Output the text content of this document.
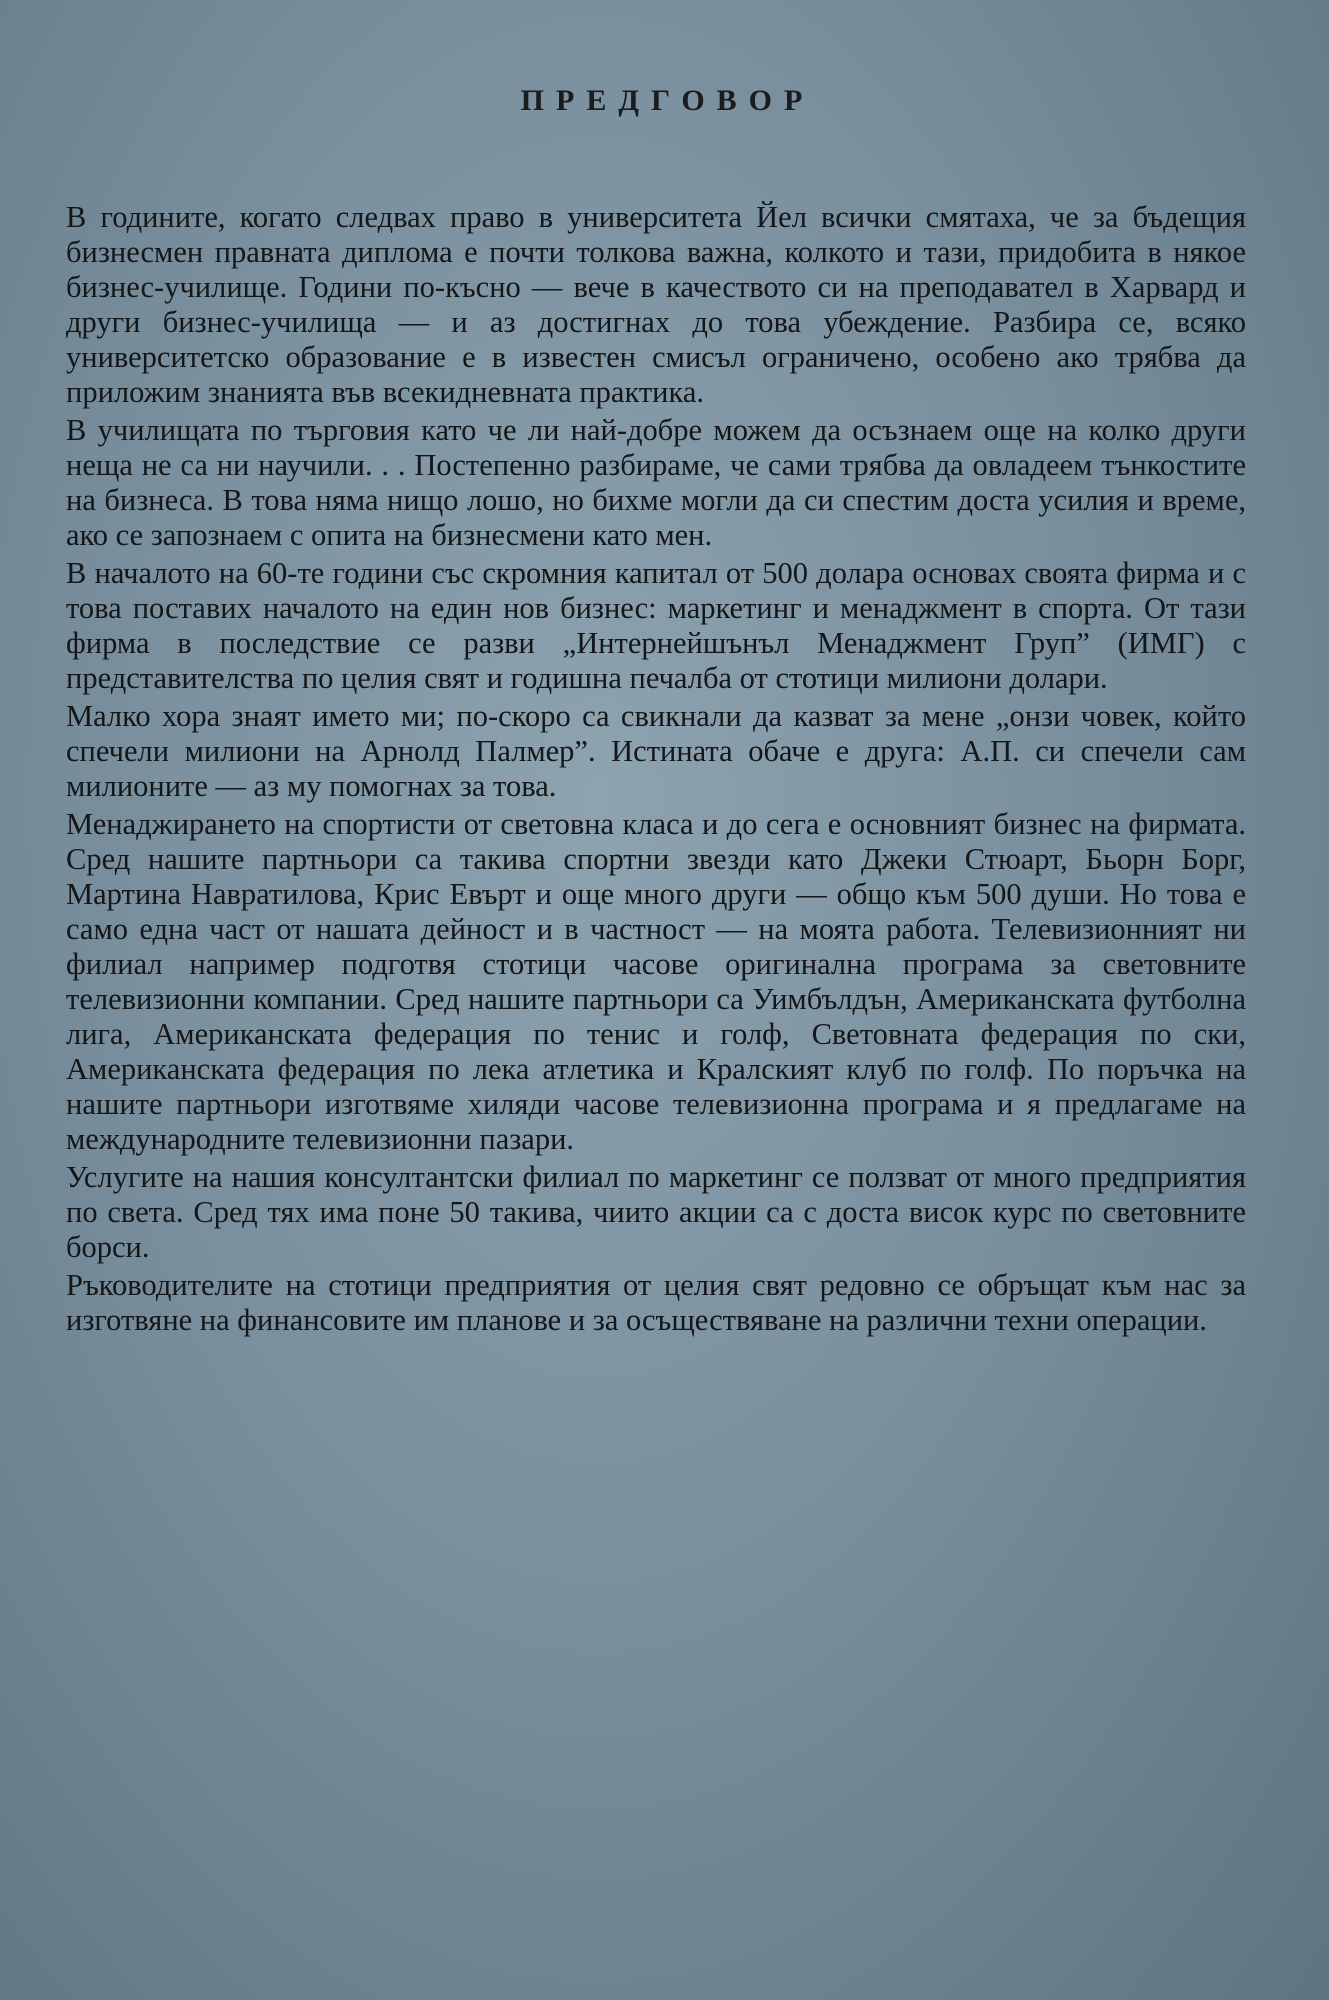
ПРЕДГОВОР

В годините, когато следвах право в университета Йел всички смятаха, че за бъдещия бизнесмен правната диплома е почти толкова важна, колкото и тази, придобита в някое бизнес-училище. Години по-късно — вече в качеството си на преподавател в Харвард и други бизнес-училища — и аз достигнах до това убеждение. Разбира се, всяко университетско образование е в известен смисъл ограничено, особено ако трябва да приложим знанията във всекидневната практика.

В училищата по търговия като че ли най-добре можем да осъзнаем още на колко други неща не са ни научили. . . Постепенно разбираме, че сами трябва да овладеем тънкостите на бизнеса. В това няма нищо лошо, но бихме могли да си спестим доста усилия и време, ако се запознаем с опита на бизнесмени като мен.

В началото на 60-те години със скромния капитал от 500 долара основах своята фирма и с това поставих началото на един нов бизнес: маркетинг и менаджмент в спорта. От тази фирма в последствие се разви „Интернейшънъл Менаджмент Груп” (ИМГ) с представителства по целия свят и годишна печалба от стотици милиони долари.

Малко хора знаят името ми; по-скоро са свикнали да казват за мене „онзи човек, който спечели милиони на Арнолд Палмер”. Истината обаче е друга: А.П. си спечели сам милионите — аз му помогнах за това.

Менаджирането на спортисти от световна класа и до сега е основният бизнес на фирмата. Сред нашите партньори са такива спортни звезди като Джеки Стюарт, Бьорн Борг, Мартина Навратилова, Крис Евърт и още много други — общо към 500 души. Но това е само една част от нашата дейност и в частност — на моята работа. Телевизионният ни филиал например подготвя стотици часове оригинална програма за световните телевизионни компании. Сред нашите партньори са Уимбълдън, Американската футболна лига, Американската федерация по тенис и голф, Световната федерация по ски, Американската федерация по лека атлетика и Кралският клуб по голф. По поръчка на нашите партньори изготвяме хиляди часове телевизионна програма и я предлагаме на международните телевизионни пазари.

Услугите на нашия консултантски филиал по маркетинг се ползват от много предприятия по света. Сред тях има поне 50 такива, чиито акции са с доста висок курс по световните борси.

Ръководителите на стотици предприятия от целия свят редовно се обръщат към нас за изготвяне на финансовите им планове и за осъществяване на различни техни операции.
